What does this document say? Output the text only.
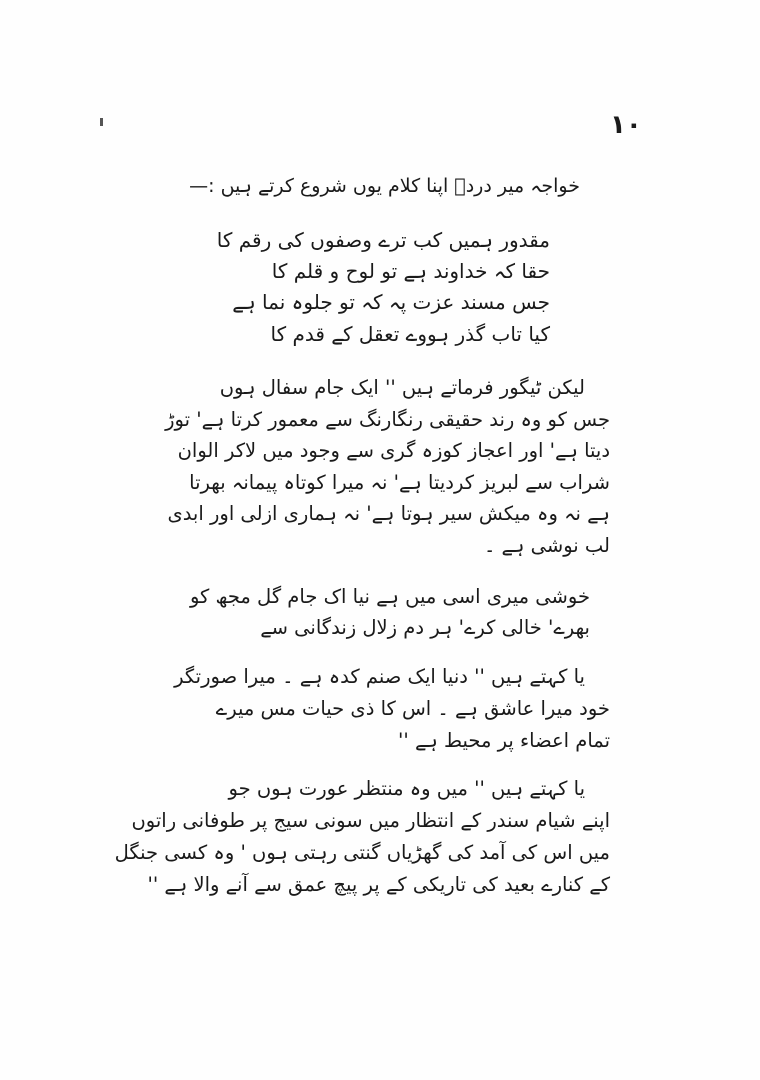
۱۰
خواجہ میر دردؔ اپنا کلام یوں شروع کرتے ہیں :—
مقدور ہمیں کب ترے وصفوں کی رقم کا
حقا کہ خداوند ہے تو لوح و قلم کا
جس مسند عزت پہ کہ تو جلوہ نما ہے
کیا تاب گذر ہووے تعقل کے قدم کا
لیکن ٹیگور فرماتے ہیں '' ایک جام سفال ہوں
جس کو وہ رند حقیقی رنگارنگ سے معمور کرتا ہے' توڑ
دیتا ہے' اور اعجاز کوزہ گری سے وجود میں لاکر الوان
شراب سے لبریز کردیتا ہے' نہ میرا کوتاہ پیمانہ بھرتا
ہے نہ وہ میکش سیر ہوتا ہے' نہ ہماری ازلی اور ابدی
لب نوشی ہے ۔
خوشی میری اسی میں ہے نیا اک جام گل مجھ کو
بھرے' خالی کرے' ہر دم زلال زندگانی سے
یا کہتے ہیں '' دنیا ایک صنم کدہ ہے ۔ میرا صورتگر
خود میرا عاشق ہے ۔ اس کا ذی حیات مس میرے
تمام اعضاء پر محیط ہے ''
یا کہتے ہیں '' میں وہ منتظر عورت ہوں جو
اپنے شیام سندر کے انتظار میں سونی سیج پر طوفانی راتوں
میں اس کی آمد کی گھڑیاں گنتی رہتی ہوں ' وہ کسی جنگل
کے کنارے بعید کی تاریکی کے پر پیچ عمق سے آنے والا ہے ''
